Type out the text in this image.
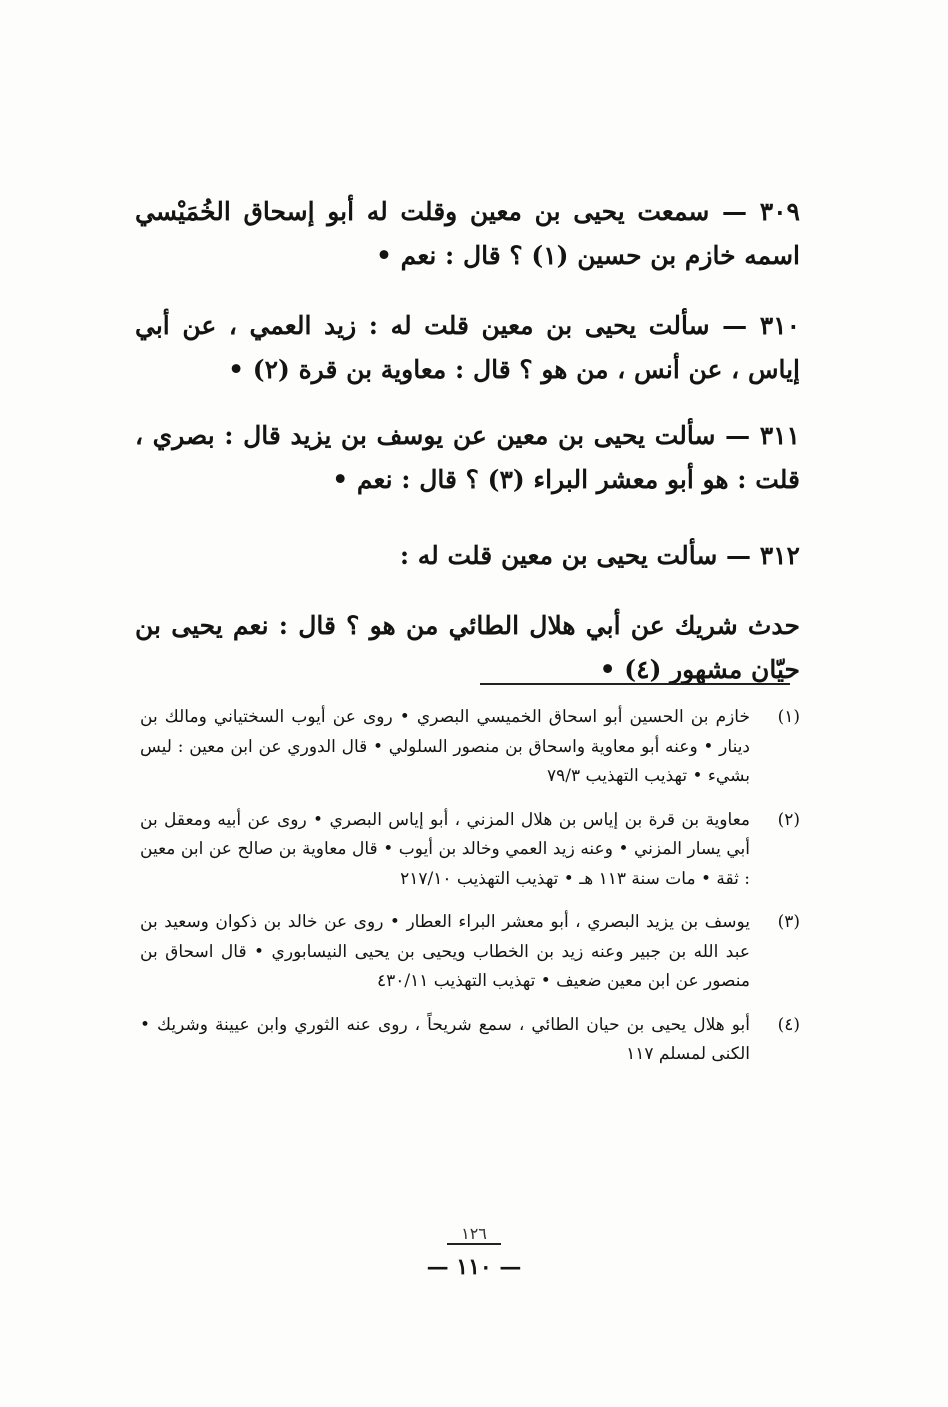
٣٠٩ — سمعت يحيى بن معين وقلت له أبو إسحاق الخُمَيْسي اسمه خازم بن حسين (١) ؟ قال : نعم •

٣١٠ — سألت يحيى بن معين قلت له : زيد العمي ، عن أبي إياس ، عن أنس ، من هو ؟ قال : معاوية بن قرة (٢) •

٣١١ — سألت يحيى بن معين عن يوسف بن يزيد قال : بصري ، قلت : هو أبو معشر البراء (٣) ؟ قال : نعم •

٣١٢ — سألت يحيى بن معين قلت له :

حدث شريك عن أبي هلال الطائي من هو ؟ قال : نعم يحيى بن حيّان مشهور (٤) •

(١)
خازم بن الحسين أبو اسحاق الخميسي البصري • روى عن أيوب السختياني ومالك بن دينار • وعنه أبو معاوية واسحاق بن منصور السلولي • قال الدوري عن ابن معين : ليس بشيء • تهذيب التهذيب ٧٩/٣
(٢)
معاوية بن قرة بن إياس بن هلال المزني ، أبو إياس البصري • روى عن أبيه ومعقل بن أبي يسار المزني • وعنه زيد العمي وخالد بن أيوب • قال معاوية بن صالح عن ابن معين : ثقة • مات سنة ١١٣ هـ • تهذيب التهذيب ٢١٧/١٠
(٣)
يوسف بن يزيد البصري ، أبو معشر البراء العطار • روى عن خالد بن ذكوان وسعيد بن عبد الله بن جبير وعنه زيد بن الخطاب ويحيى بن يحيى النيسابوري • قال اسحاق بن منصور عن ابن معين ضعيف • تهذيب التهذيب ٤٣٠/١١
(٤)
أبو هلال يحيى بن حيان الطائي ، سمع شريحاً ، روى عنه الثوري وابن عيينة وشريك • الكنى لمسلم ١١٧
١٢٦
— ١١٠ —
